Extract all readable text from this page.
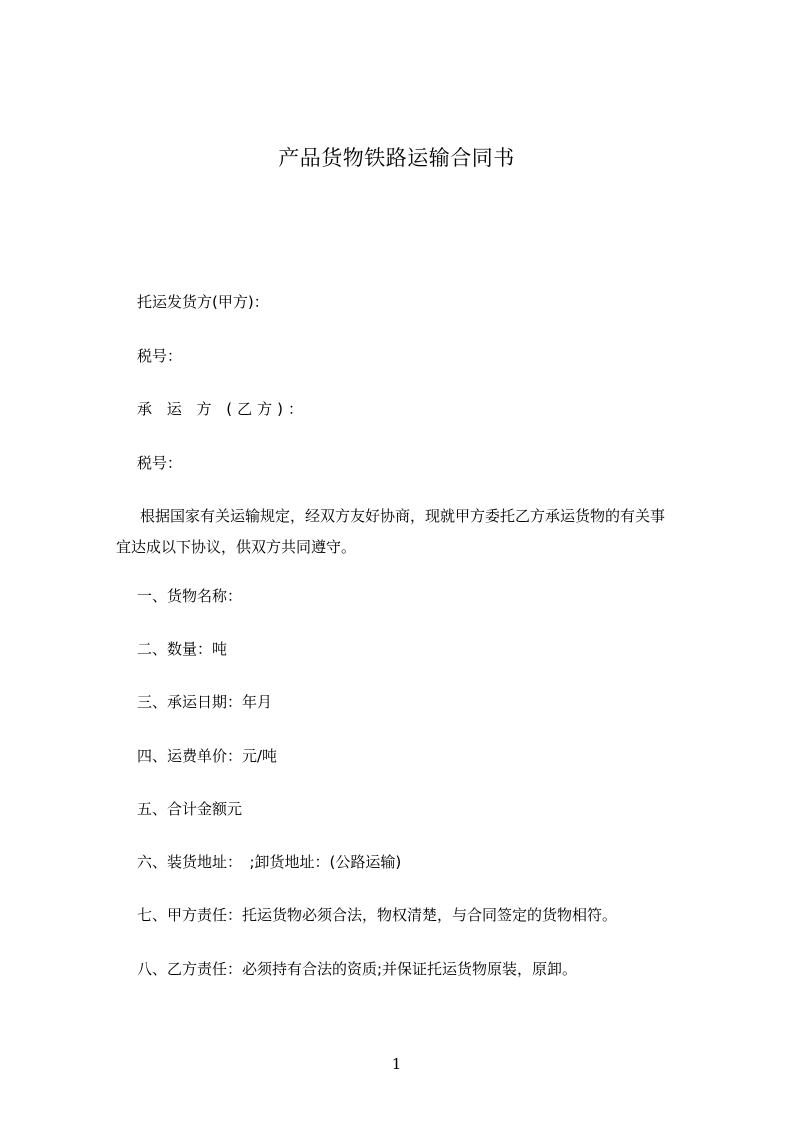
产品货物铁路运输合同书
托运发货方(甲方)：
税号：
承 运 方 (乙方)：
税号：
根据国家有关运输规定，经双方友好协商，现就甲方委托乙方承运货物的有关事
宜达成以下协议，供双方共同遵守。
一、货物名称：
二、数量：吨
三、承运日期：年月
四、运费单价：元/吨
五、合计金额元
六、装货地址：　;卸货地址：(公路运输)
七、甲方责任：托运货物必须合法，物权清楚，与合同签定的货物相符。
八、乙方责任：必须持有合法的资质;并保证托运货物原装，原卸。
1
